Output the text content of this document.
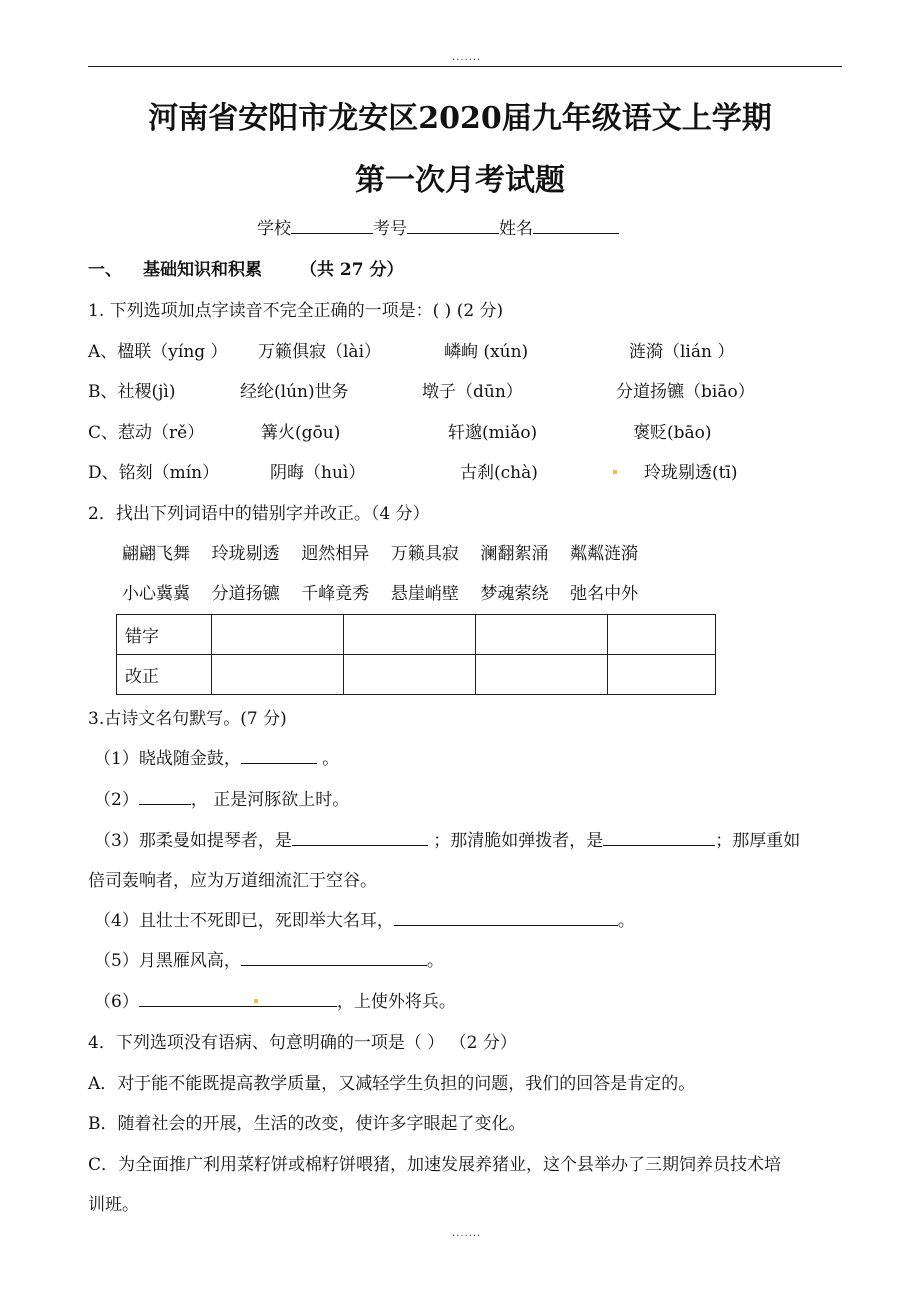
.......
河南省安阳市龙安区2020届九年级语文上学期
第一次月考试题
学校	考号	姓名
一、 基础知识和积累 （共 27 分）
1. 下列选项加点字读音不完全正确的一项是：( ) (2 分)
A、楹联（yíng ） 万籁俱寂（lài）	嶙峋 (xún)	涟漪（lián ）
B、社稷(jì)	经纶(lún)世务	墩子（dūn）	分道扬镳（biāo）
C、惹动（rě）	篝火(gōu)	轩邈(miǎo)	褒贬(bāo)
D、铭刻（mín）	阴晦（huì）	古刹(chà)	玲珑剔透(tī)
2．找出下列词语中的错别字并改正。（4 分）
翩翩飞舞 玲珑剔透 迥然相异 万籁具寂 澜翻絮涌 粼粼涟漪
小心冀冀 分道扬镳 千峰竟秀 悬崖峭壁 梦魂萦绕 弛名中外
错字				
改正				
3.古诗文名句默写。(7 分)
（1）晓战随金鼓，	。
（2）	， 正是河豚欲上时。
（3）那柔曼如提琴者，是	；那清脆如弹拨者，是	；那厚重如
倍司轰响者，应为万道细流汇于空谷。
（4）且壮士不死即已，死即举大名耳，	。
（5）月黑雁风高，	。
（6）	，上使外将兵。
4．下列选项没有语病、句意明确的一项是（ ） （2 分）
A．对于能不能既提高教学质量，又减轻学生负担的问题，我们的回答是肯定的。
B．随着社会的开展，生活的改变，使许多字眼起了变化。
C．为全面推广利用菜籽饼或棉籽饼喂猪，加速发展养猪业，这个县举办了三期饲养员技术培
训班。
.......
